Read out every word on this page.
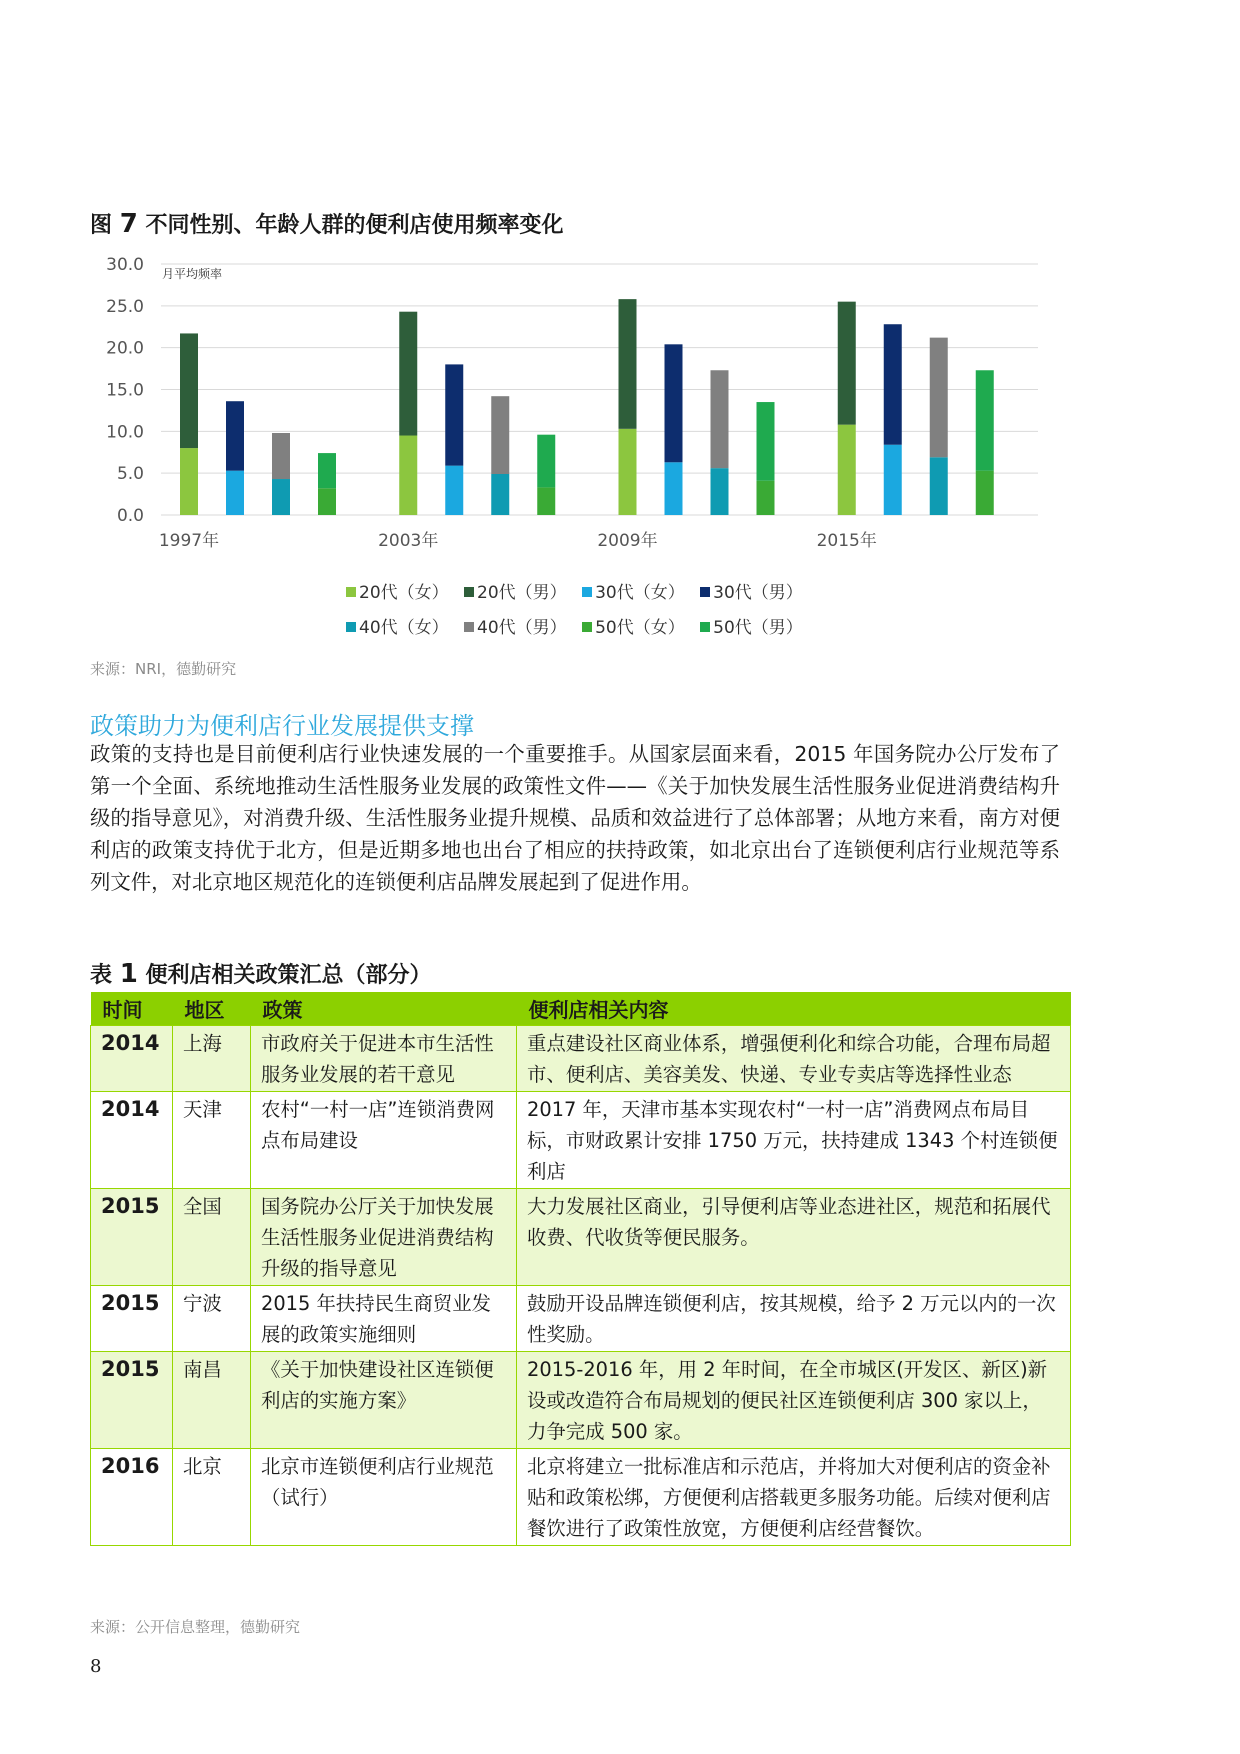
图 7 不同性别、年龄人群的便利店使用频率变化
0.0
5.0
10.0
15.0
20.0
25.0
30.0 月平均频率
1997年	2003年	2009年	2015年
20代（女） 20代（男） 30代（女） 30代（男）
40代（女） 40代（男） 50代（女） 50代（男）
来源：NRI，德勤研究
政策助力为便利店行业发展提供支撑
政策的支持也是目前便利店行业快速发展的一个重要推手。从国家层面来看，2015 年国务院办公厅发布了第一个全面、系统地推动生活性服务业发展的政策性文件——《关于加快发展生活性服务业促进消费结构升级的指导意见》，对消费升级、生活性服务业提升规模、品质和效益进行了总体部署；从地方来看，南方对便利店的政策支持优于北方，但是近期多地也出台了相应的扶持政策，如北京出台了连锁便利店行业规范等系列文件，对北京地区规范化的连锁便利店品牌发展起到了促进作用。
表 1 便利店相关政策汇总（部分）
时间	地区	政策	便利店相关内容
2014	上海	市政府关于促进本市生活性服务业发展的若干意见	重点建设社区商业体系，增强便利化和综合功能，合理布局超市、便利店、美容美发、快递、专业专卖店等选择性业态
2014	天津	农村“一村一店”连锁消费网点布局建设	2017 年，天津市基本实现农村“一村一店”消费网点布局目标，市财政累计安排 1750 万元，扶持建成 1343 个村连锁便利店
2015	全国	国务院办公厅关于加快发展生活性服务业促进消费结构升级的指导意见	大力发展社区商业，引导便利店等业态进社区，规范和拓展代收费、代收货等便民服务。
2015	宁波	2015 年扶持民生商贸业发展的政策实施细则	鼓励开设品牌连锁便利店，按其规模，给予 2 万元以内的一次性奖励。
2015	南昌	《关于加快建设社区连锁便利店的实施方案》	2015-2016 年，用 2 年时间，在全市城区(开发区、新区)新设或改造符合布局规划的便民社区连锁便利店 300 家以上，力争完成 500 家。
2016	北京	北京市连锁便利店行业规范（试行）	北京将建立一批标准店和示范店，并将加大对便利店的资金补贴和政策松绑，方便便利店搭载更多服务功能。后续对便利店餐饮进行了政策性放宽，方便便利店经营餐饮。
来源：公开信息整理，德勤研究
8
